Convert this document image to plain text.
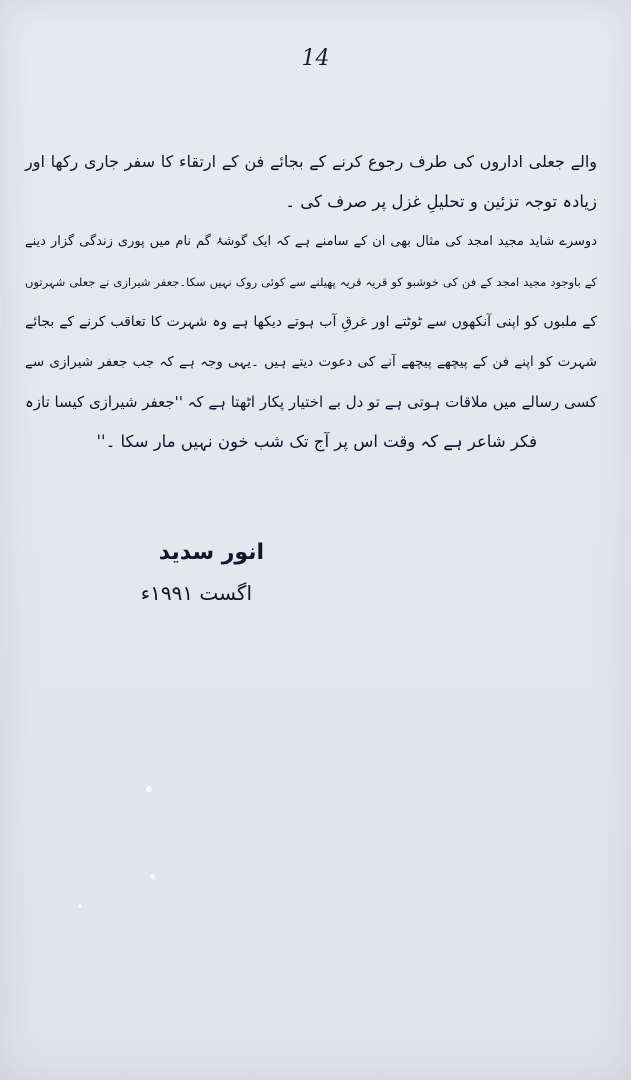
14
والے جعلی اداروں کی طرف رجوع کرنے کے بجائے فن کے ارتقاء کا سفر جاری رکھا اور
زیادہ توجہ تزئین و تحلیلِ غزل پر صرف کی ۔
دوسرے شاید مجید امجد کی مثال بھی ان کے سامنے ہے کہ ایک گوشۂ گم نام میں پوری زندگی گزار دینے
کے باوجود مجید امجد کے فن کی خوشبو کو قریہ قریہ پھیلنے سے کوئی روک نہیں سکا۔جعفر شیرازی نے جعلی شہرتوں
کے ملبوں کو اپنی آنکھوں سے ٹوٹتے اور غرقِ آب ہوتے دیکھا ہے وہ شہرت کا تعاقب کرنے کے بجائے
شہرت کو اپنے فن کے پیچھے پیچھے آنے کی دعوت دیتے ہیں ۔یہی وجہ ہے کہ جب جعفر شیرازی سے
کسی رسالے میں ملاقات ہوتی ہے تو دل بے اختیار پکار اٹھتا ہے کہ ''جعفر شیرازی کیسا تازہ
فکر شاعر ہے کہ وقت اس پر آج تک شب خون نہیں مار سکا ۔''
انور سدید
اگست ۱۹۹۱ء
